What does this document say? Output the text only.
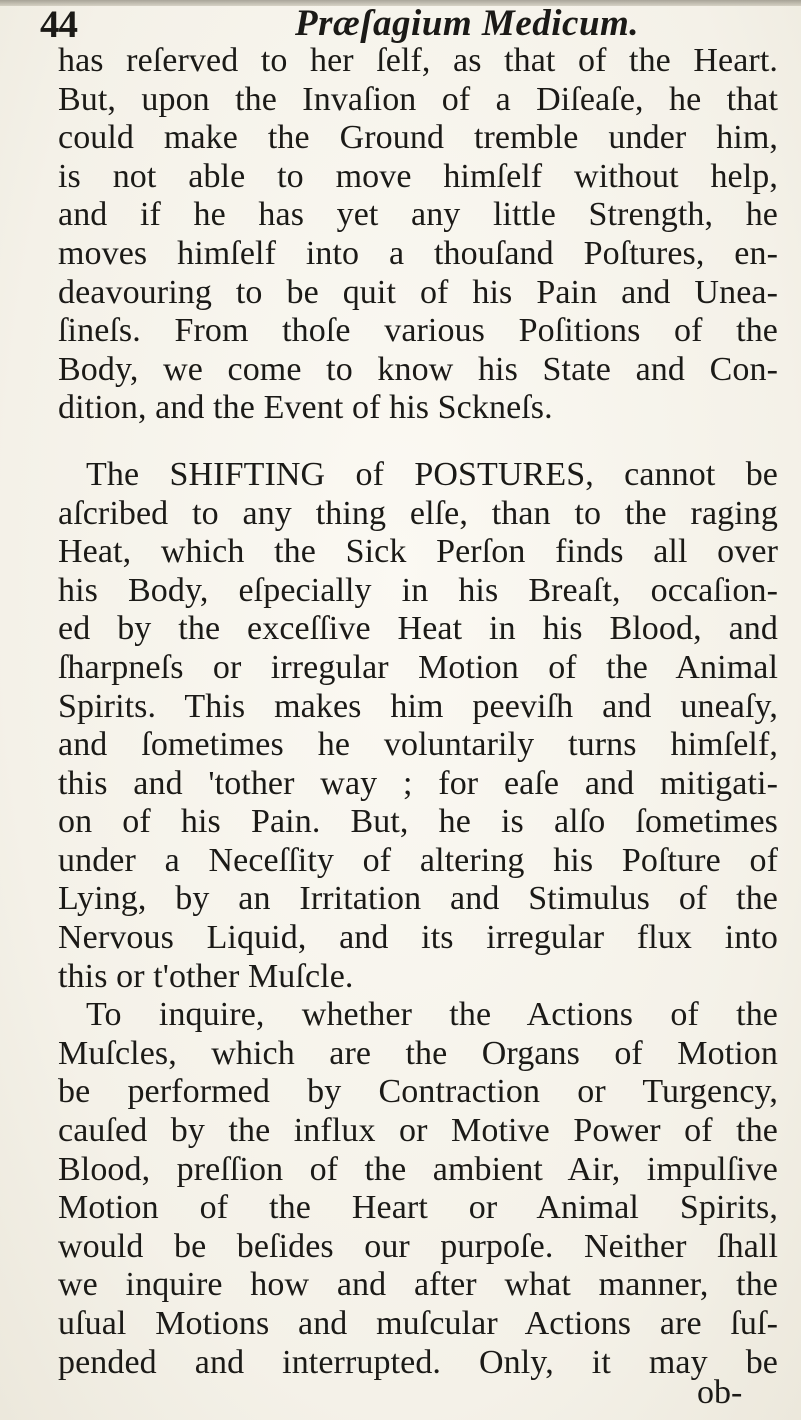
44	Præſagium Medicum.
has reſerved to her ſelf, as that of the Heart.
But, upon the Invaſion of a Diſeaſe, he that
could make the Ground tremble under him,
is not able to move himſelf without help,
and if he has yet any little Strength, he
moves himſelf into a thouſand Poſtures, en-
deavouring to be quit of his Pain and Unea-
ſineſs. From thoſe various Poſitions of the
Body, we come to know his State and Con-
dition, and the Event of his Sckneſs.
The SHIFTING of POSTURES, cannot be
aſcribed to any thing elſe, than to the raging
Heat, which the Sick Perſon finds all over
his Body, eſpecially in his Breaſt, occaſion-
ed by the exceſſive Heat in his Blood, and
ſharpneſs or irregular Motion of the Animal
Spirits. This makes him peeviſh and uneaſy,
and ſometimes he voluntarily turns himſelf,
this and 'tother way ; for eaſe and mitigati-
on of his Pain. But, he is alſo ſometimes
under a Neceſſity of altering his Poſture of
Lying, by an Irritation and Stimulus of the
Nervous Liquid, and its irregular flux into
this or t'other Muſcle.
To inquire, whether the Actions of the
Muſcles, which are the Organs of Motion
be performed by Contraction or Turgency,
cauſed by the influx or Motive Power of the
Blood, preſſion of the ambient Air, impulſive
Motion of the Heart or Animal Spirits,
would be beſides our purpoſe. Neither ſhall
we inquire how and after what manner, the
uſual Motions and muſcular Actions are ſuſ-
pended and interrupted. Only, it may be
ob-
